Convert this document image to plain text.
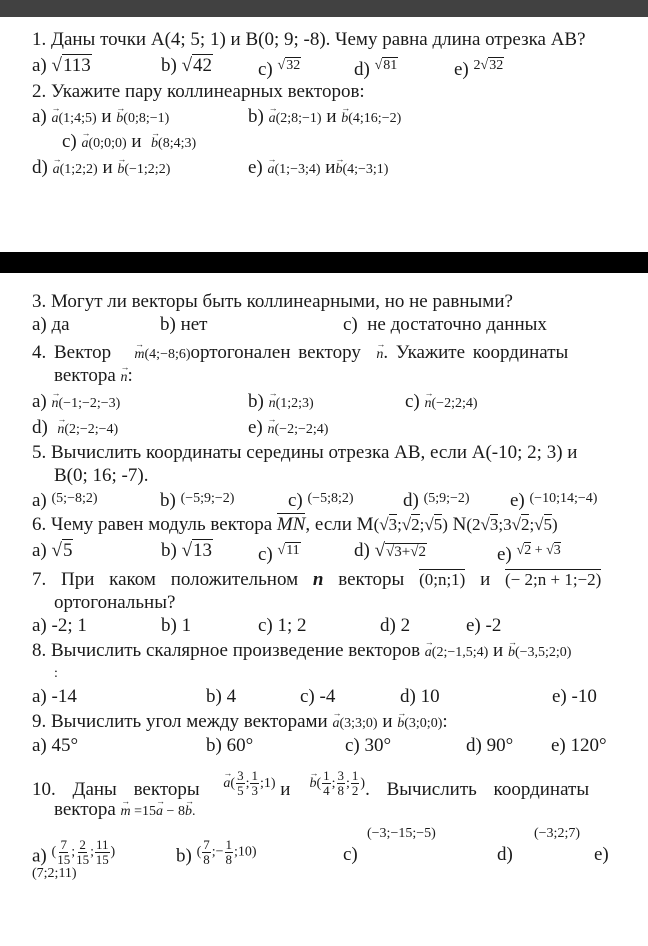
1. Даны точки A(4; 5; 1) и B(0; 9; -8). Чему равна длина отрезка АВ?
a) √113	b) √42 c) √32	d) √81	e) $^{2√32}$
2. Укажите пару коллинеарных векторов:
a) → a(1;4;5) и → b(0;8;−1)	b) → a(2;8;−1) и → b(4;16;−2)
c) → a(0;0;0) и → b(8;4;3)
d) → a(1;2;2) и → b(−1;2;2)	e) → a(1;−3;4) и→ b(4;−3;1)
3. Могут ли векторы быть коллинеарными, но не равными?
a) да	b) нет	c) не достаточно данных
4. Вектор → m(4;−8;6)ортогонален вектору → n. Укажите координаты
вектора → n:
a) → n(−1;−2;−3)	b) → n(1;2;3)	c) → n(−2;2;4)
d) → n(2;−2;−4)	e) → n(−2;−2;4)
5. Вычислить координаты середины отрезка АВ, если А(-10; 2; 3) и
В(0; 16; -7).
a) $^{(5;-8;2)}$	b) $^{(-5;9;-2)}$	c) $^{(-5;8;2)}$	d) $^{(5;9;-2)}$ e) $^{(-10;14;-4)}$
6. Чему равен модуль вектора MN, если М(√3;√2;√5) N(2√3;3√2;√5)
a) √5	b) √13 c) √11	d) √√3+√2	e) $^{√2 + √3}$
7. При каком положительном n векторы (0;n;1) и (− 2;n + 1;−2)
ортогональны?
a) -2; 1	b) 1	c) 1; 2	d) 2	e) -2
8. Вычислить скалярное произведение векторов → a(2;−1,5;4) и → b(−3,5;2;0)
:
a) -14	b) 4	c) -4	d) 10	e) -10
9. Вычислить угол между векторами → a(3;3;0) и → b(3;0;0):
a) 45°	b) 60°	c) 30°	d) 90° e) 120°
10. Даны векторы → $a( \frac{3}{5}$ ; $\frac{1}{3}$ ;1) $и \to b( \frac{1}{4}$ ; $\frac{3}{8}$ ; $\frac{1}{2}$ ). Вычислить координаты
вектора → m =15→ a − 8→ b.
a) ( $\frac{7}{15}$ ; $\frac{2}{15}$ ; $\frac{11}{15}$ )	b) ( $\frac{7}{8}$ ;− $\frac{1}{8}$ ;10)
(−3;−15;−5)
c)
(−3;2;7)
d)	e)
(7;2;11)
